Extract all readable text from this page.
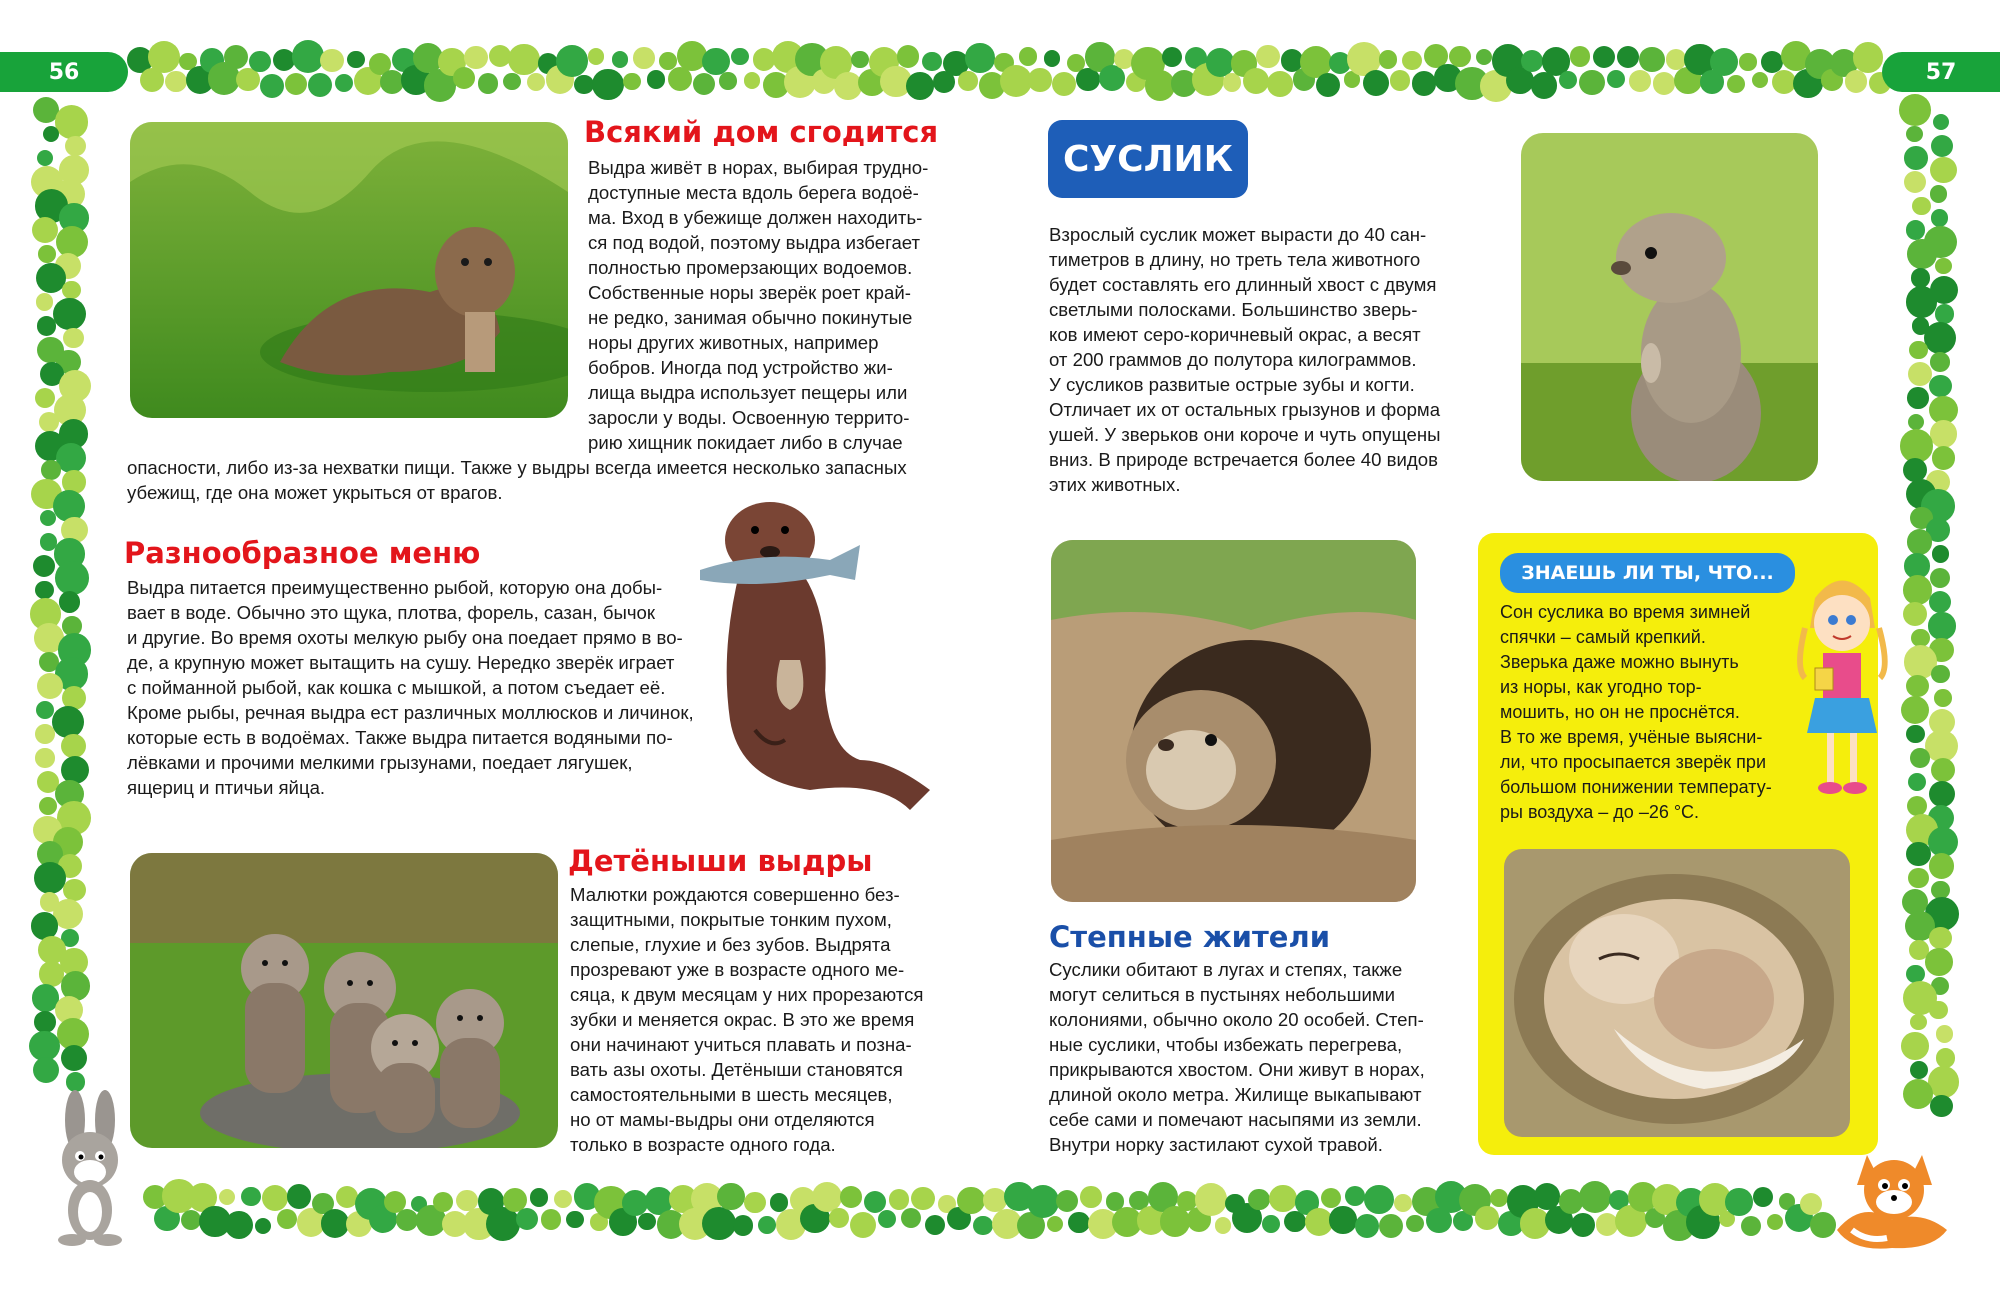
56	57
Всякий дом сгодится
Выдра живёт в норах, выбирая трудно-
доступные места вдоль берега водоё-
ма. Вход в убежище должен находить-
ся под водой, поэтому выдра избегает
полностью промерзающих водоемов.
Собственные норы зверёк роет край-
не редко, занимая обычно покинутые
норы других животных, например
бобров. Иногда под устройство жи-
лища выдра использует пещеры или
заросли у воды. Освоенную террито-
рию хищник покидает либо в случае
опасности, либо из-за нехватки пищи. Также у выдры всегда имеется несколько запасных
убежищ, где она может укрыться от врагов.
Разнообразное меню
Выдра питается преимущественно рыбой, которую она добы-
вает в воде. Обычно это щука, плотва, форель, сазан, бычок
и другие. Во время охоты мелкую рыбу она поедает прямо в во-
де, а крупную может вытащить на сушу. Нередко зверёк играет
с пойманной рыбой, как кошка с мышкой, а потом съедает её.
Кроме рыбы, речная выдра ест различных моллюсков и личинок,
которые есть в водоёмах. Также выдра питается водяными по-
лёвками и прочими мелкими грызунами, поедает лягушек,
ящериц и птичьи яйца.
Детёныши выдры
Малютки рождаются совершенно без-
защитными, покрытые тонким пухом,
слепые, глухие и без зубов. Выдрята
прозревают уже в возрасте одного ме-
сяца, к двум месяцам у них прорезаются
зубки и меняется окрас. В это же время
они начинают учиться плавать и позна-
вать азы охоты. Детёныши становятся
самостоятельными в шесть месяцев,
но от мамы-выдры они отделяются
только в возрасте одного года.
СУСЛИК
Взрослый суслик может вырасти до 40 сан-
тиметров в длину, но треть тела животного
будет составлять его длинный хвост с двумя
светлыми полосками. Большинство зверь-
ков имеют серо-коричневый окрас, а весят
от 200 граммов до полутора килограммов.
У сусликов развитые острые зубы и когти.
Отличает их от остальных грызунов и форма
ушей. У зверьков они короче и чуть опущены
вниз. В природе встречается более 40 видов
этих животных.
Степные жители
Суслики обитают в лугах и степях, также
могут селиться в пустынях небольшими
колониями, обычно около 20 особей. Степ-
ные суслики, чтобы избежать перегрева,
прикрываются хвостом. Они живут в норах,
длиной около метра. Жилище выкапывают
себе сами и помечают насыпями из земли.
Внутри норку застилают сухой травой.
ЗНАЕШЬ ЛИ ТЫ, ЧТО...
Сон суслика во время зимней
спячки – самый крепкий.
Зверька даже можно вынуть
из норы, как угодно тор-
мошить, но он не проснётся.
В то же время, учёные выясни-
ли, что просыпается зверёк при
большом понижении температу-
ры воздуха – до –26 °С.
